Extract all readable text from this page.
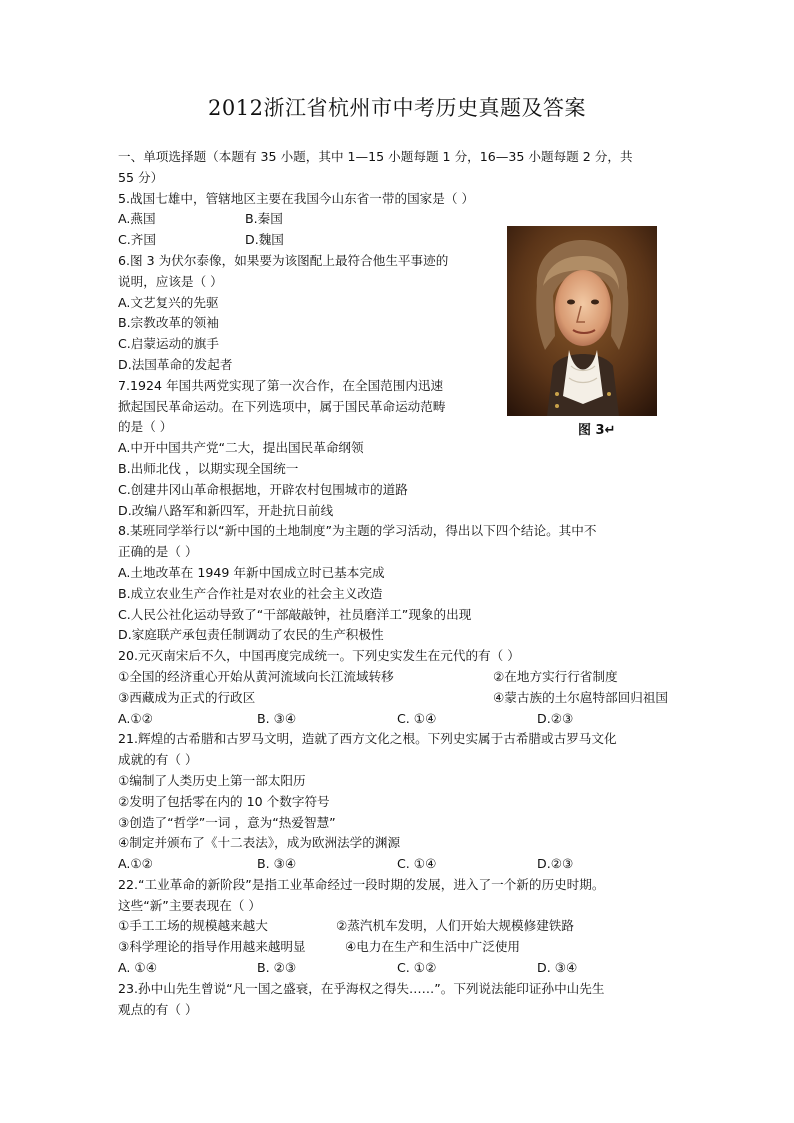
2012浙江省杭州市中考历史真题及答案
图 3↵
一、单项选择题（本题有 35 小题，其中 1—15 小题每题 1 分，16—35 小题每题 2 分，共
55 分）
5.战国七雄中，管辖地区主要在我国今山东省一带的国家是（ ）
A.燕国	B.秦国
C.齐国	D.魏国
6.图 3 为伏尔泰像，如果要为该图配上最符合他生平事迹的
说明，应该是（ ）
A.文艺复兴的先驱
B.宗教改革的领袖
C.启蒙运动的旗手
D.法国革命的发起者
7.1924 年国共两党实现了第一次合作，在全国范围内迅速
掀起国民革命运动。在下列选项中，属于国民革命运动范畴
的是（ ）
A.中开中国共产党“二大，提出国民革命纲领
B.出师北伐 ，以期实现全国统一
C.创建井冈山革命根据地，开辟农村包围城市的道路
D.改编八路军和新四军，开赴抗日前线
8.某班同学举行以“新中国的土地制度”为主题的学习活动，得出以下四个结论。其中不
正确的是（ ）
A.土地改革在 1949 年新中国成立时已基本完成
B.成立农业生产合作社是对农业的社会主义改造
C.人民公社化运动导致了“干部敲敲钟，社员磨洋工”现象的出现
D.家庭联产承包责任制调动了农民的生产积极性
20.元灭南宋后不久，中国再度完成统一。下列史实发生在元代的有（ ）
①全国的经济重心开始从黄河流域向长江流域转移	②在地方实行行省制度
③西藏成为正式的行政区	④蒙古族的土尔扈特部回归祖国
A.①②	B. ③④	C. ①④	D.②③
21.辉煌的古希腊和古罗马文明，造就了西方文化之根。下列史实属于古希腊或古罗马文化
成就的有（ ）
①编制了人类历史上第一部太阳历
②发明了包括零在内的 10 个数字符号
③创造了“哲学”一词 ，意为“热爱智慧”
④制定并颁布了《十二表法》，成为欧洲法学的渊源
A.①②	B. ③④	C. ①④	D.②③
22.“工业革命的新阶段”是指工业革命经过一段时期的发展，进入了一个新的历史时期。
这些“新”主要表现在（ ）
①手工工场的规模越来越大	②蒸汽机车发明，人们开始大规模修建铁路
③科学理论的指导作用越来越明显	④电力在生产和生活中广泛使用
A. ①④	B. ②③	C. ①②	D. ③④
23.孙中山先生曾说“凡一国之盛衰，在乎海权之得失……”。下列说法能印证孙中山先生
观点的有（ ）
